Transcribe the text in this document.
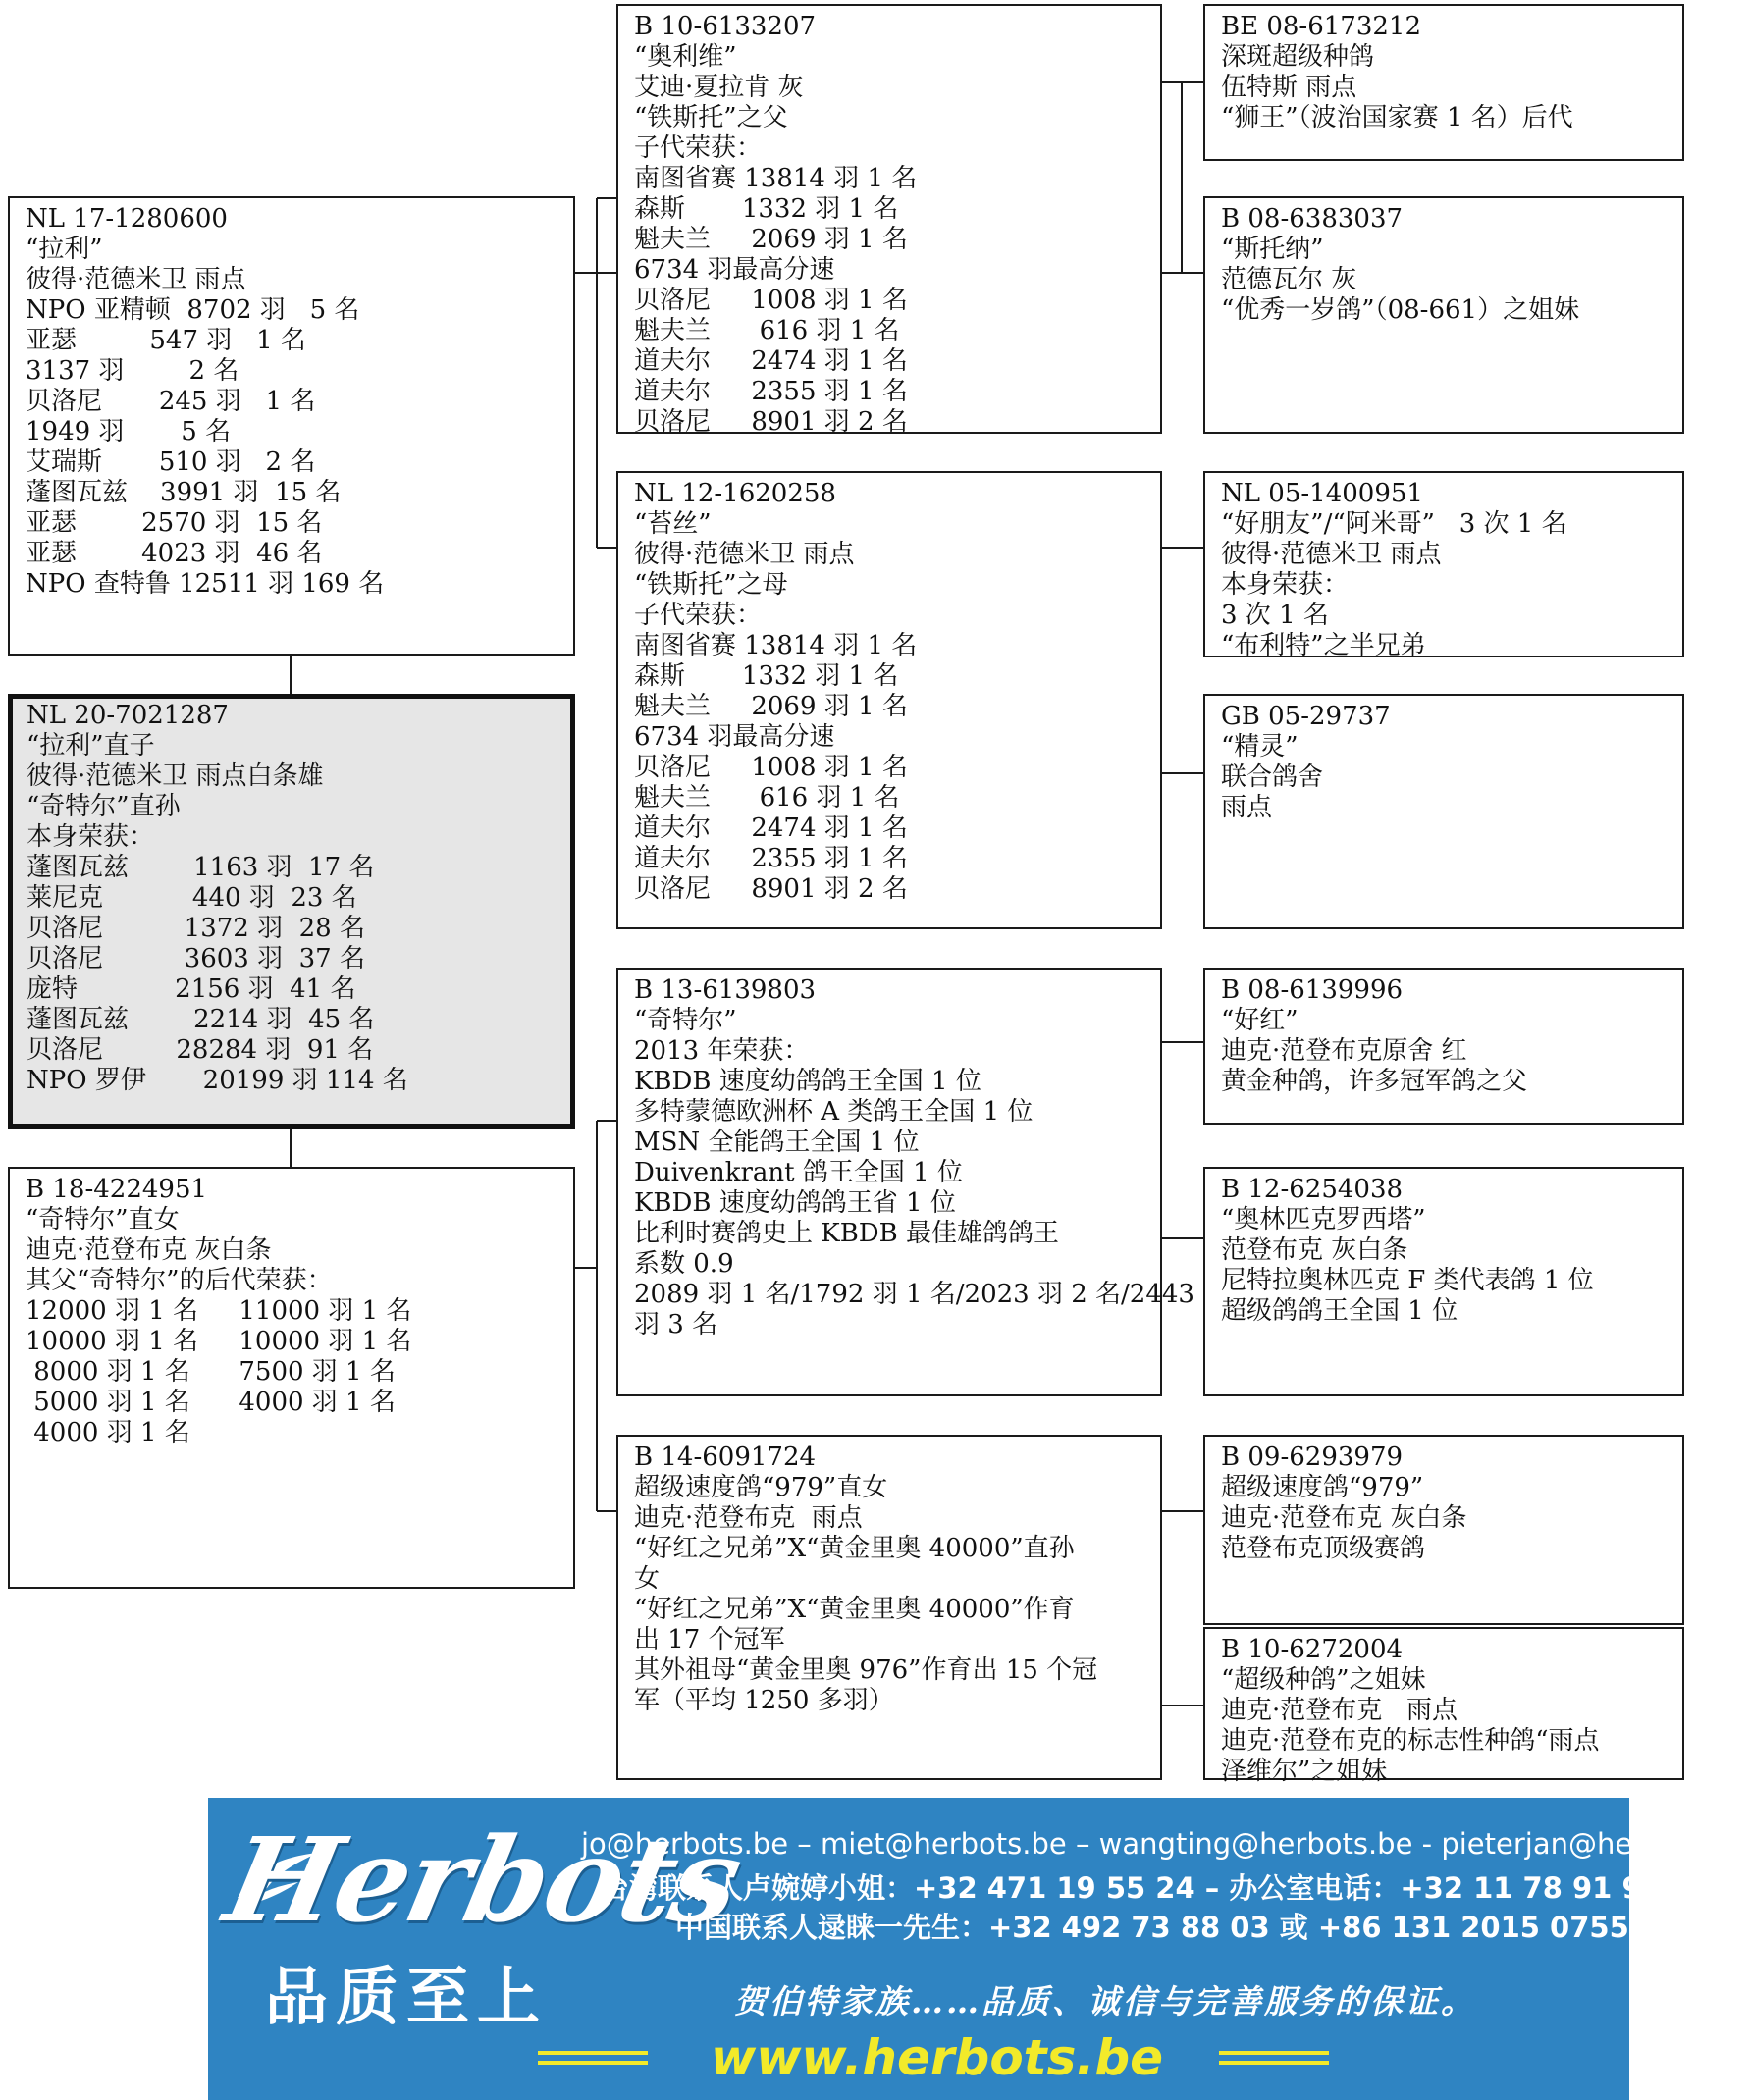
NL 17-1280600
“拉利”
彼得·范德米卫 雨点
NPO 亚精顿  8702 羽   5 名
亚瑟         547 羽   1 名
3137 羽        2 名
贝洛尼       245 羽   1 名
1949 羽       5 名
艾瑞斯       510 羽   2 名
蓬图瓦兹    3991 羽  15 名
亚瑟        2570 羽  15 名
亚瑟        4023 羽  46 名
NPO 查特鲁 12511 羽 169 名
NL 20-7021287
“拉利”直子
彼得·范德米卫 雨点白条雄
“奇特尔”直孙
本身荣获：
蓬图瓦兹        1163 羽  17 名
莱尼克           440 羽  23 名
贝洛尼          1372 羽  28 名
贝洛尼          3603 羽  37 名
庞特            2156 羽  41 名
蓬图瓦兹        2214 羽  45 名
贝洛尼         28284 羽  91 名
NPO 罗伊       20199 羽 114 名
B 18-4224951
“奇特尔”直女
迪克·范登布克 灰白条
其父“奇特尔”的后代荣获：
12000 羽 1 名     11000 羽 1 名
10000 羽 1 名     10000 羽 1 名
8000 羽 1 名      7500 羽 1 名
5000 羽 1 名      4000 羽 1 名
4000 羽 1 名
B 10-6133207
“奥利维”
艾迪·夏拉肯 灰
“铁斯托”之父
子代荣获：
南图省赛 13814 羽 1 名
森斯       1332 羽 1 名
魁夫兰     2069 羽 1 名
6734 羽最高分速
贝洛尼     1008 羽 1 名
魁夫兰      616 羽 1 名
道夫尔     2474 羽 1 名
道夫尔     2355 羽 1 名
贝洛尼     8901 羽 2 名
NL 12-1620258
“苔丝”
彼得·范德米卫 雨点
“铁斯托”之母
子代荣获：
南图省赛 13814 羽 1 名
森斯       1332 羽 1 名
魁夫兰     2069 羽 1 名
6734 羽最高分速
贝洛尼     1008 羽 1 名
魁夫兰      616 羽 1 名
道夫尔     2474 羽 1 名
道夫尔     2355 羽 1 名
贝洛尼     8901 羽 2 名
B 13-6139803
“奇特尔”
2013 年荣获：
KBDB 速度幼鸽鸽王全国 1 位
多特蒙德欧洲杯 A 类鸽王全国 1 位
MSN 全能鸽王全国 1 位
Duivenkrant 鸽王全国 1 位
KBDB 速度幼鸽鸽王省 1 位
比利时赛鸽史上 KBDB 最佳雄鸽鸽王
系数 0.9
2089 羽 1 名/1792 羽 1 名/2023 羽 2 名/2443
羽 3 名
B 14-6091724
超级速度鸽“979”直女
迪克·范登布克  雨点
“好红之兄弟”X“黄金里奥 40000”直孙
女
“好红之兄弟”X“黄金里奥 40000”作育
出 17 个冠军
其外祖母“黄金里奥 976”作育出 15 个冠
军（平均 1250 多羽）
BE 08-6173212
深斑超级种鸽
伍特斯 雨点
“狮王”（波治国家赛 1 名）后代
B 08-6383037
“斯托纳”
范德瓦尔 灰
“优秀一岁鸽”（08-661）之姐妹
NL 05-1400951
“好朋友”/“阿米哥”   3 次 1 名
彼得·范德米卫 雨点
本身荣获：
3 次 1 名
“布利特”之半兄弟
GB 05-29737
“精灵”
联合鸽舍
雨点
B 08-6139996
“好红”
迪克·范登布克原舍 红
黄金种鸽，许多冠军鸽之父
B 12-6254038
“奥林匹克罗西塔”
范登布克 灰白条
尼特拉奥林匹克 F 类代表鸽 1 位
超级鸽鸽王全国 1 位
B 09-6293979
超级速度鸽“979”
迪克·范登布克 灰白条
范登布克顶级赛鸽
B 10-6272004
“超级种鸽”之姐妹
迪克·范登布克   雨点
迪克·范登布克的标志性种鸽“雨点
泽维尔”之姐妹
Herbots
品质至上
jo@herbots.be – miet@herbots.be – wangting@herbots.be - pieterjan@herbots.be
台湾联系人卢婉婷小姐：+32 471 19 55 24 – 办公室电话：+32 11 78 91 90
中国联系人逯睐一先生：+32 492 73 88 03 或 +86 131 2015 0755
贺伯特家族……品质、诚信与完善服务的保证。
www.herbots.be
